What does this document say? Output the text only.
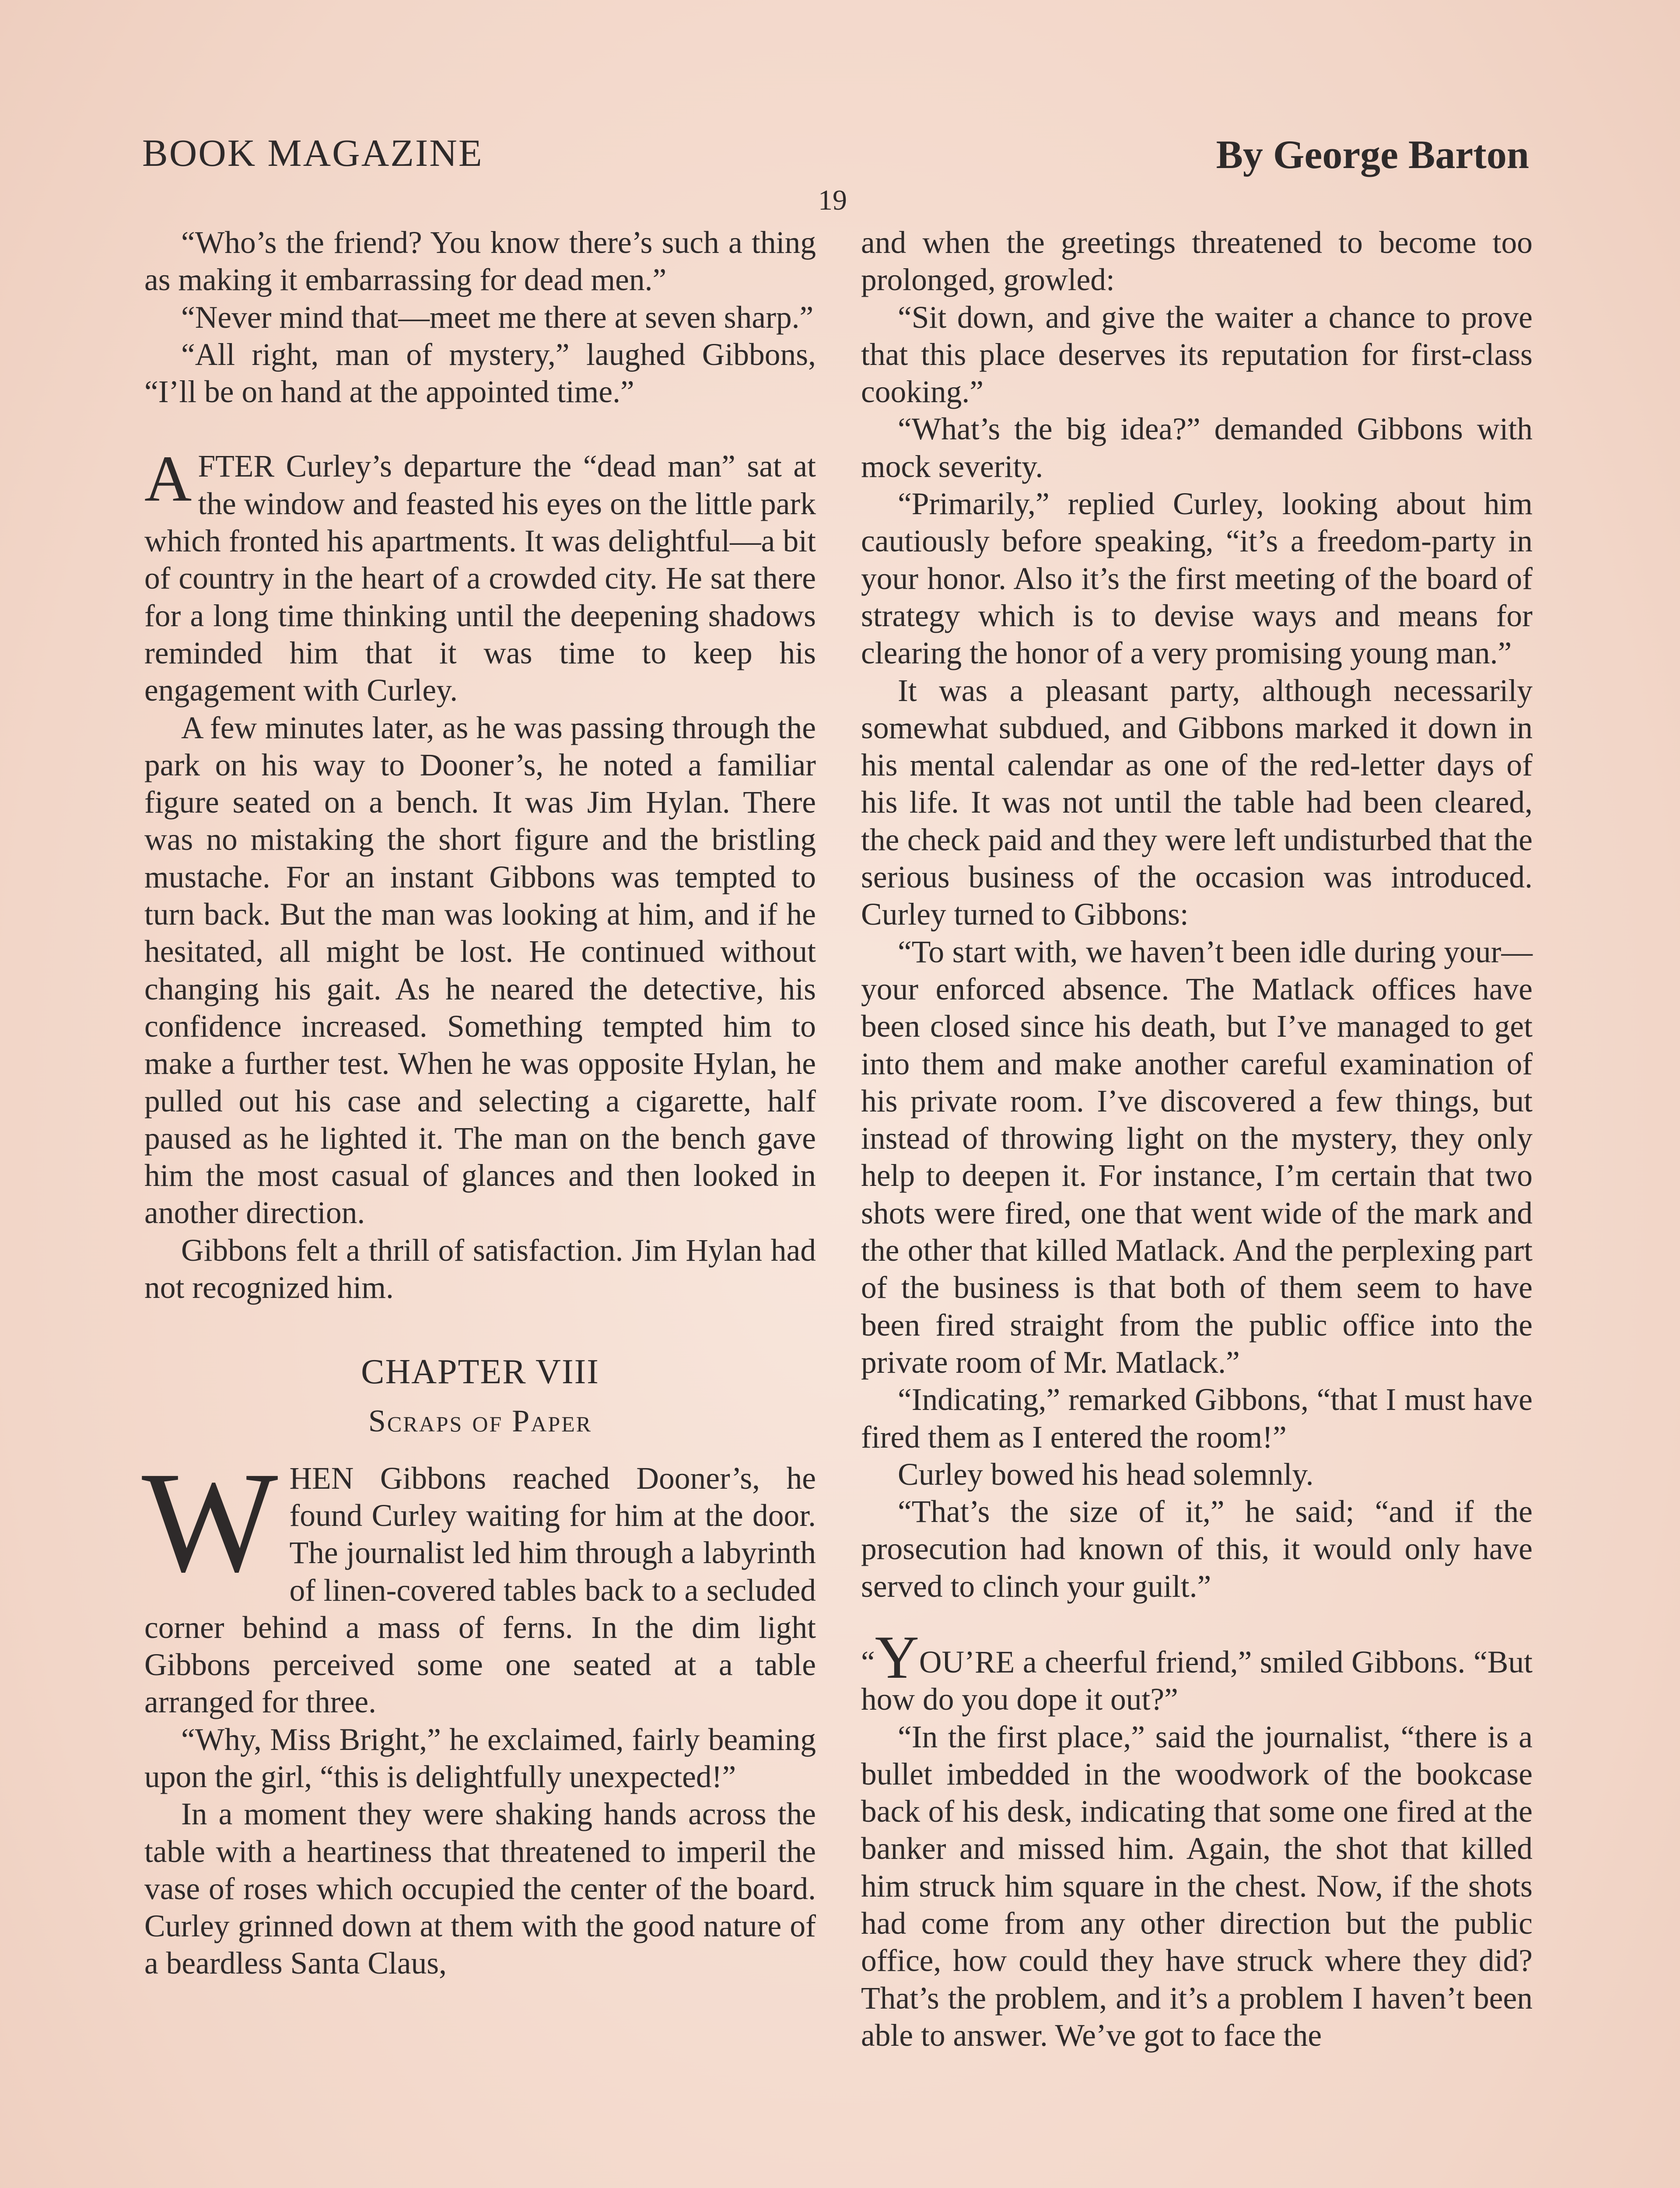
BOOK MAGAZINE	By George Barton
19

“Who’s the friend? You know there’s such a thing as making it embarrassing for dead men.”

“Never mind that—meet me there at seven sharp.”

“All right, man of mystery,” laughed Gibbons, “I’ll be on hand at the appointed time.”

AFTER Curley’s departure the “dead man” sat at the window and feasted his eyes on the little park which fronted his apartments. It was delightful—a bit of country in the heart of a crowded city. He sat there for a long time thinking until the deepening shadows reminded him that it was time to keep his engagement with Curley.

A few minutes later, as he was passing through the park on his way to Dooner’s, he noted a familiar figure seated on a bench. It was Jim Hylan. There was no mistaking the short figure and the bristling mustache. For an instant Gibbons was tempted to turn back. But the man was looking at him, and if he hesitated, all might be lost. He continued without changing his gait. As he neared the detective, his confidence increased. Something tempted him to make a further test. When he was opposite Hylan, he pulled out his case and selecting a cigarette, half paused as he lighted it. The man on the bench gave him the most casual of glances and then looked in another direction.

Gibbons felt a thrill of satisfaction. Jim Hylan had not recognized him.

CHAPTER VIII

Scraps of Paper

WHEN Gibbons reached Dooner’s, he found Curley waiting for him at the door. The journalist led him through a labyrinth of linen-covered tables back to a secluded corner behind a mass of ferns. In the dim light Gibbons perceived some one seated at a table arranged for three.

“Why, Miss Bright,” he exclaimed, fairly beaming upon the girl, “this is delightfully unexpected!”

In a moment they were shaking hands across the table with a heartiness that threatened to imperil the vase of roses which occupied the center of the board. Curley grinned down at them with the good nature of a beardless Santa Claus,

and when the greetings threatened to become too prolonged, growled:

“Sit down, and give the waiter a chance to prove that this place deserves its reputation for first-class cooking.”

“What’s the big idea?” demanded Gibbons with mock severity.

“Primarily,” replied Curley, looking about him cautiously before speaking, “it’s a freedom-party in your honor. Also it’s the first meeting of the board of strategy which is to devise ways and means for clearing the honor of a very promising young man.”

It was a pleasant party, although necessarily somewhat subdued, and Gibbons marked it down in his mental calendar as one of the red-letter days of his life. It was not until the table had been cleared, the check paid and they were left undisturbed that the serious business of the occasion was introduced. Curley turned to Gibbons:

“To start with, we haven’t been idle during your—your enforced absence. The Matlack offices have been closed since his death, but I’ve managed to get into them and make another careful examination of his private room. I’ve discovered a few things, but instead of throwing light on the mystery, they only help to deepen it. For instance, I’m certain that two shots were fired, one that went wide of the mark and the other that killed Matlack. And the perplexing part of the business is that both of them seem to have been fired straight from the public office into the private room of Mr. Matlack.”

“Indicating,” remarked Gibbons, “that I must have fired them as I entered the room!”

Curley bowed his head solemnly.

“That’s the size of it,” he said; “and if the prosecution had known of this, it would only have served to clinch your guilt.”

“YOU’RE a cheerful friend,” smiled Gibbons. “But how do you dope it out?”

“In the first place,” said the journalist, “there is a bullet imbedded in the woodwork of the bookcase back of his desk, indicating that some one fired at the banker and missed him. Again, the shot that killed him struck him square in the chest. Now, if the shots had come from any other direction but the public office, how could they have struck where they did? That’s the problem, and it’s a problem I haven’t been able to answer. We’ve got to face the
